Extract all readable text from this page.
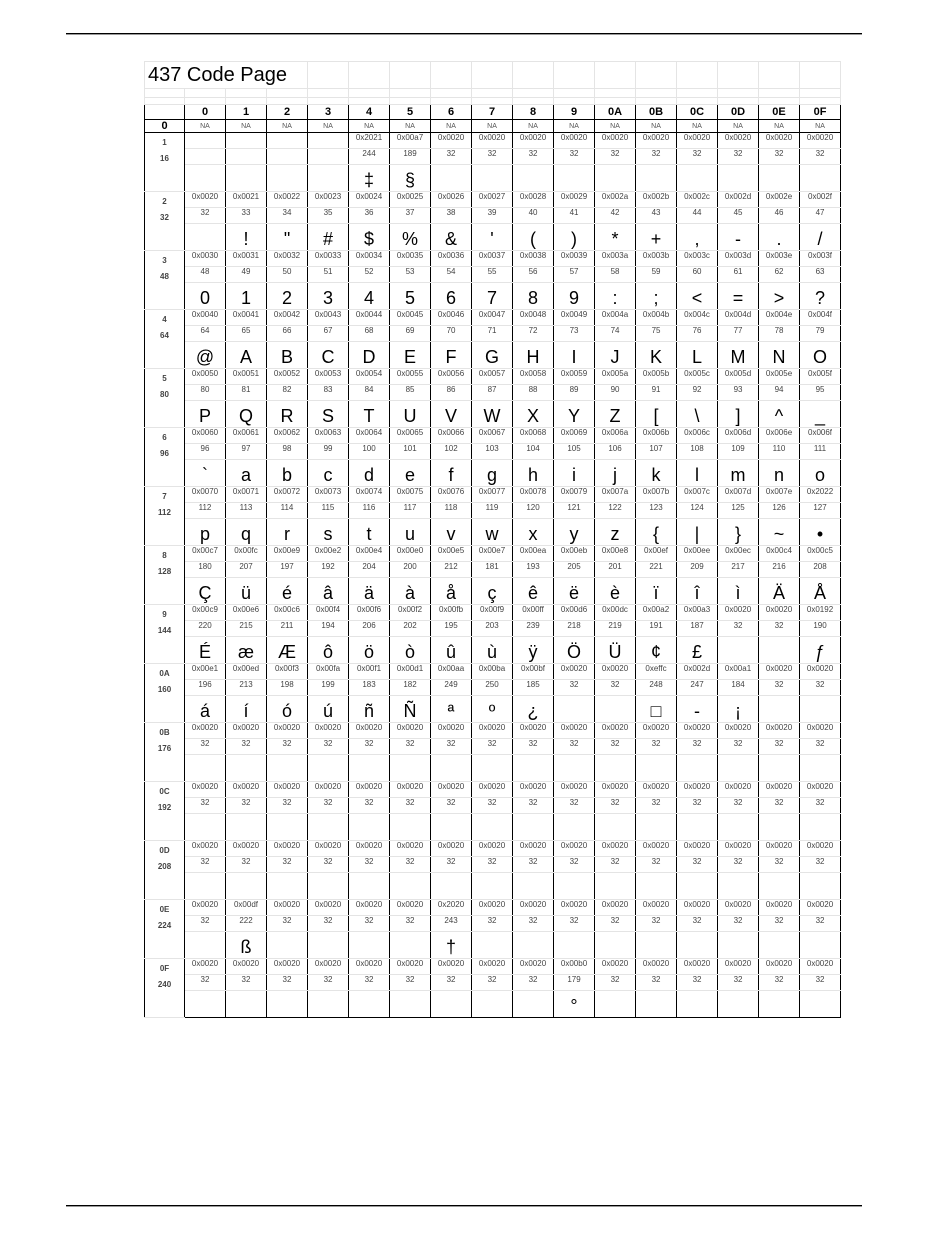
437 Code Page																

	0	1	2	3	4	5	6	7	8	9	0A	0B	0C	0D	0E	0F
0	NA	NA	NA	NA	NA	NA	NA	NA	NA	NA	NA	NA	NA	NA	NA	NA

1
16					0x2021	0x00a7	0x0020	0x0020	0x0020	0x0020	0x0020	0x0020	0x0020	0x0020	0x0020	0x0020
					244	189	32	32	32	32	32	32	32	32	32	32
					‡	§										

2
32	0x0020	0x0021	0x0022	0x0023	0x0024	0x0025	0x0026	0x0027	0x0028	0x0029	0x002a	0x002b	0x002c	0x002d	0x002e	0x002f
	32	33	34	35	36	37	38	39	40	41	42	43	44	45	46	47
		!	"	#	$	%	&	'	(	)	*	+	,	-	.	/

3
48	0x0030	0x0031	0x0032	0x0033	0x0034	0x0035	0x0036	0x0037	0x0038	0x0039	0x003a	0x003b	0x003c	0x003d	0x003e	0x003f
	48	49	50	51	52	53	54	55	56	57	58	59	60	61	62	63
	0	1	2	3	4	5	6	7	8	9	:	;	<	=	>	?

4
64	0x0040	0x0041	0x0042	0x0043	0x0044	0x0045	0x0046	0x0047	0x0048	0x0049	0x004a	0x004b	0x004c	0x004d	0x004e	0x004f
	64	65	66	67	68	69	70	71	72	73	74	75	76	77	78	79
	@	A	B	C	D	E	F	G	H	I	J	K	L	M	N	O

5
80	0x0050	0x0051	0x0052	0x0053	0x0054	0x0055	0x0056	0x0057	0x0058	0x0059	0x005a	0x005b	0x005c	0x005d	0x005e	0x005f
	80	81	82	83	84	85	86	87	88	89	90	91	92	93	94	95
	P	Q	R	S	T	U	V	W	X	Y	Z	[	\	]	^	_

6
96	0x0060	0x0061	0x0062	0x0063	0x0064	0x0065	0x0066	0x0067	0x0068	0x0069	0x006a	0x006b	0x006c	0x006d	0x006e	0x006f
	96	97	98	99	100	101	102	103	104	105	106	107	108	109	110	111
	`	a	b	c	d	e	f	g	h	i	j	k	l	m	n	o

7
112	0x0070	0x0071	0x0072	0x0073	0x0074	0x0075	0x0076	0x0077	0x0078	0x0079	0x007a	0x007b	0x007c	0x007d	0x007e	0x2022
	112	113	114	115	116	117	118	119	120	121	122	123	124	125	126	127
	p	q	r	s	t	u	v	w	x	y	z	{	|	}	~	•

8
128	0x00c7	0x00fc	0x00e9	0x00e2	0x00e4	0x00e0	0x00e5	0x00e7	0x00ea	0x00eb	0x00e8	0x00ef	0x00ee	0x00ec	0x00c4	0x00c5
	180	207	197	192	204	200	212	181	193	205	201	221	209	217	216	208
	Ç	ü	é	â	ä	à	å	ç	ê	ë	è	ï	î	ì	Ä	Å

9
144	0x00c9	0x00e6	0x00c6	0x00f4	0x00f6	0x00f2	0x00fb	0x00f9	0x00ff	0x00d6	0x00dc	0x00a2	0x00a3	0x0020	0x0020	0x0192
	220	215	211	194	206	202	195	203	239	218	219	191	187	32	32	190
	É	æ	Æ	ô	ö	ò	û	ù	ÿ	Ö	Ü	¢	£			ƒ

0A
160	0x00e1	0x00ed	0x00f3	0x00fa	0x00f1	0x00d1	0x00aa	0x00ba	0x00bf	0x0020	0x0020	0xeffc	0x002d	0x00a1	0x0020	0x0020
	196	213	198	199	183	182	249	250	185	32	32	248	247	184	32	32
	á	í	ó	ú	ñ	Ñ	ª	º	¿			□	-	¡		

0B
176	0x0020	0x0020	0x0020	0x0020	0x0020	0x0020	0x0020	0x0020	0x0020	0x0020	0x0020	0x0020	0x0020	0x0020	0x0020	0x0020
	32	32	32	32	32	32	32	32	32	32	32	32	32	32	32	32

0C
192	0x0020	0x0020	0x0020	0x0020	0x0020	0x0020	0x0020	0x0020	0x0020	0x0020	0x0020	0x0020	0x0020	0x0020	0x0020	0x0020
	32	32	32	32	32	32	32	32	32	32	32	32	32	32	32	32

0D
208	0x0020	0x0020	0x0020	0x0020	0x0020	0x0020	0x0020	0x0020	0x0020	0x0020	0x0020	0x0020	0x0020	0x0020	0x0020	0x0020
	32	32	32	32	32	32	32	32	32	32	32	32	32	32	32	32

0E
224	0x0020	0x00df	0x0020	0x0020	0x0020	0x0020	0x2020	0x0020	0x0020	0x0020	0x0020	0x0020	0x0020	0x0020	0x0020	0x0020
	32	222	32	32	32	32	243	32	32	32	32	32	32	32	32	32
		ß					†									

0F
240	0x0020	0x0020	0x0020	0x0020	0x0020	0x0020	0x0020	0x0020	0x0020	0x00b0	0x0020	0x0020	0x0020	0x0020	0x0020	0x0020
	32	32	32	32	32	32	32	32	32	179	32	32	32	32	32	32
										°						
